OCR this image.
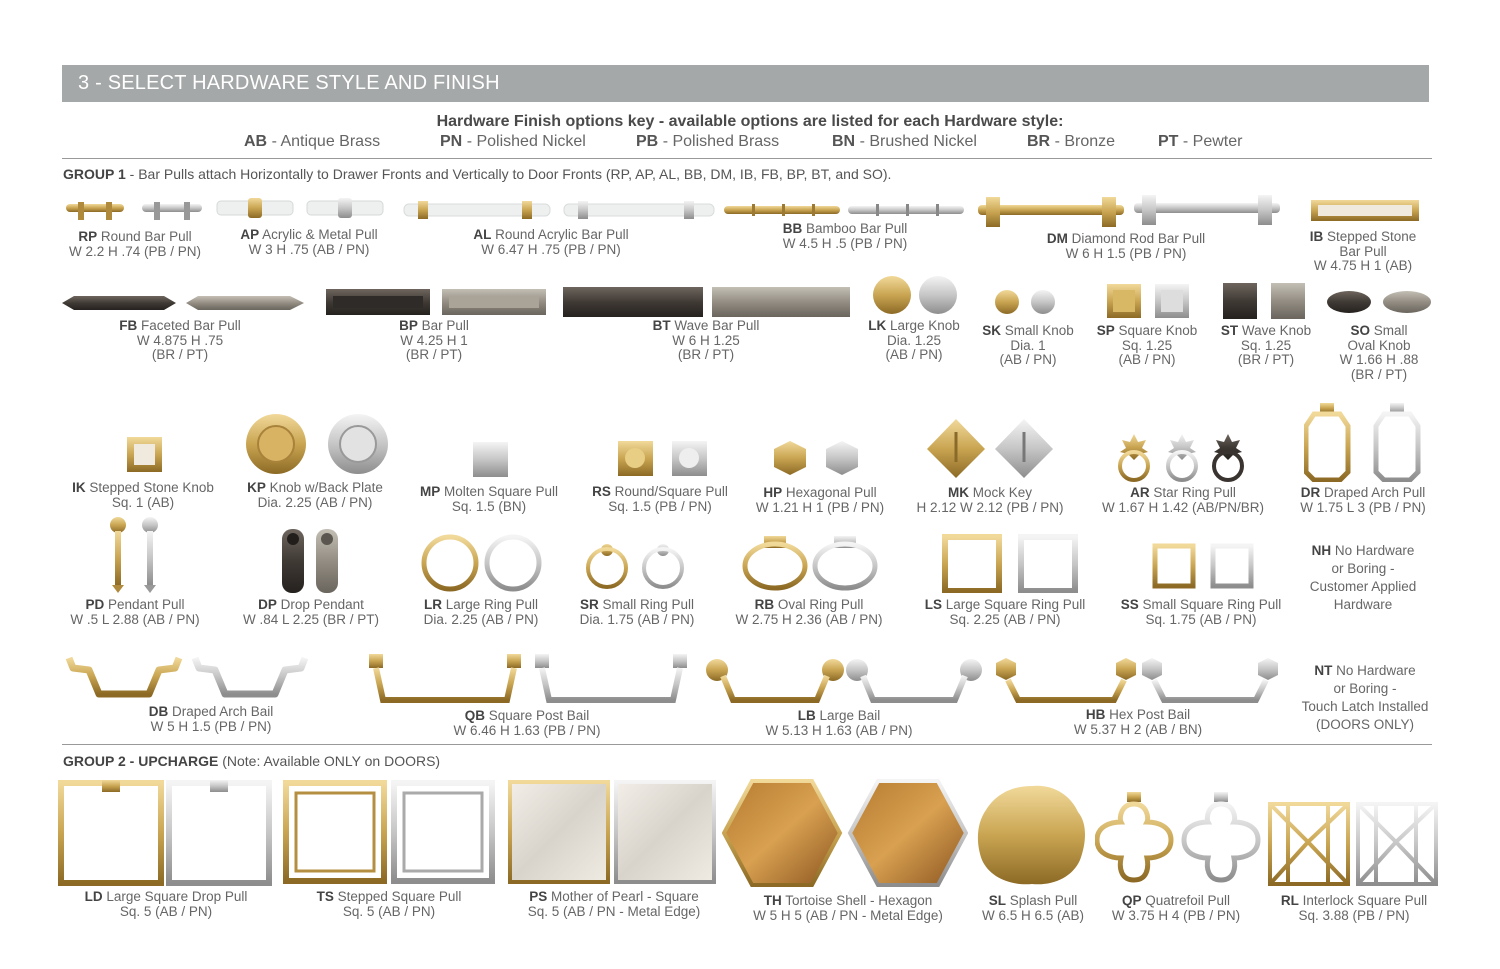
3 - SELECT HARDWARE STYLE AND FINISH
Hardware Finish options key - available options are listed for each Hardware style:
AB - Antique Brass	PN - Polished Nickel	PB - Polished Brass	BN - Brushed Nickel	BR - Bronze	PT - Pewter
GROUP 1 - Bar Pulls attach Horizontally to Drawer Fronts and Vertically to Door Fronts (RP, AP, AL, BB, DM, IB, FB, BP, BT, and SO).
RP Round Bar Pull
W 2.2 H .74 (PB / PN)
AP Acrylic & Metal Pull
W 3 H .75 (AB / PN)
AL Round Acrylic Bar Pull
W 6.47 H .75 (PB / PN)
BB Bamboo Bar Pull
W 4.5 H .5 (PB / PN)	DM Diamond Rod Bar Pull
W 6 H 1.5 (PB / PN)
IB Stepped Stone
Bar Pull
W 4.75 H 1 (AB)
FB Faceted Bar Pull
W 4.875 H .75
(BR / PT)
BP Bar Pull
W 4.25 H 1
(BR / PT)
BT Wave Bar Pull
W 6 H 1.25
(BR / PT)
LK Large Knob
Dia. 1.25
(AB / PN)
SK Small Knob
Dia. 1
(AB / PN)
SP Square Knob
Sq. 1.25
(AB / PN)
ST Wave Knob
Sq. 1.25
(BR / PT)
SO Small
Oval Knob
W 1.66 H .88
(BR / PT)
IK Stepped Stone Knob
Sq. 1 (AB)
KP Knob w/Back Plate
Dia. 2.25 (AB / PN)
MP Molten Square Pull
Sq. 1.5 (BN)
RS Round/Square Pull
Sq. 1.5 (PB / PN)
HP Hexagonal Pull
W 1.21 H 1 (PB / PN)
MK Mock Key
H 2.12 W 2.12 (PB / PN)
AR Star Ring Pull
W 1.67 H 1.42 (AB/PN/BR)
DR Draped Arch Pull
W 1.75 L 3 (PB / PN)
PD Pendant Pull
W .5 L 2.88 (AB / PN)
DP Drop Pendant
W .84 L 2.25 (BR / PT)
LR Large Ring Pull
Dia. 2.25 (AB / PN)
SR Small Ring Pull
Dia. 1.75 (AB / PN)
RB Oval Ring Pull
W 2.75 H 2.36 (AB / PN)
LS Large Square Ring Pull
Sq. 2.25 (AB / PN)
SS Small Square Ring Pull
Sq. 1.75 (AB / PN)
NH No Hardware
or Boring -
Customer Applied
Hardware
DB Draped Arch Bail
W 5 H 1.5 (PB / PN)
QB Square Post Bail
W 6.46 H 1.63 (PB / PN)
LB Large Bail
W 5.13 H 1.63 (AB / PN)
HB Hex Post Bail
W 5.37 H 2 (AB / BN)
NT No Hardware
or Boring -
Touch Latch Installed
(DOORS ONLY)
GROUP 2 - UPCHARGE (Note: Available ONLY on DOORS)
LD Large Square Drop Pull
Sq. 5 (AB / PN)
TS Stepped Square Pull
Sq. 5 (AB / PN)
PS Mother of Pearl - Square
Sq. 5 (AB / PN - Metal Edge)
TH Tortoise Shell - Hexagon
W 5 H 5 (AB / PN - Metal Edge)
SL Splash Pull
W 6.5 H 6.5 (AB)
QP Quatrefoil Pull
W 3.75 H 4 (PB / PN)
RL Interlock Square Pull
Sq. 3.88 (PB / PN)
